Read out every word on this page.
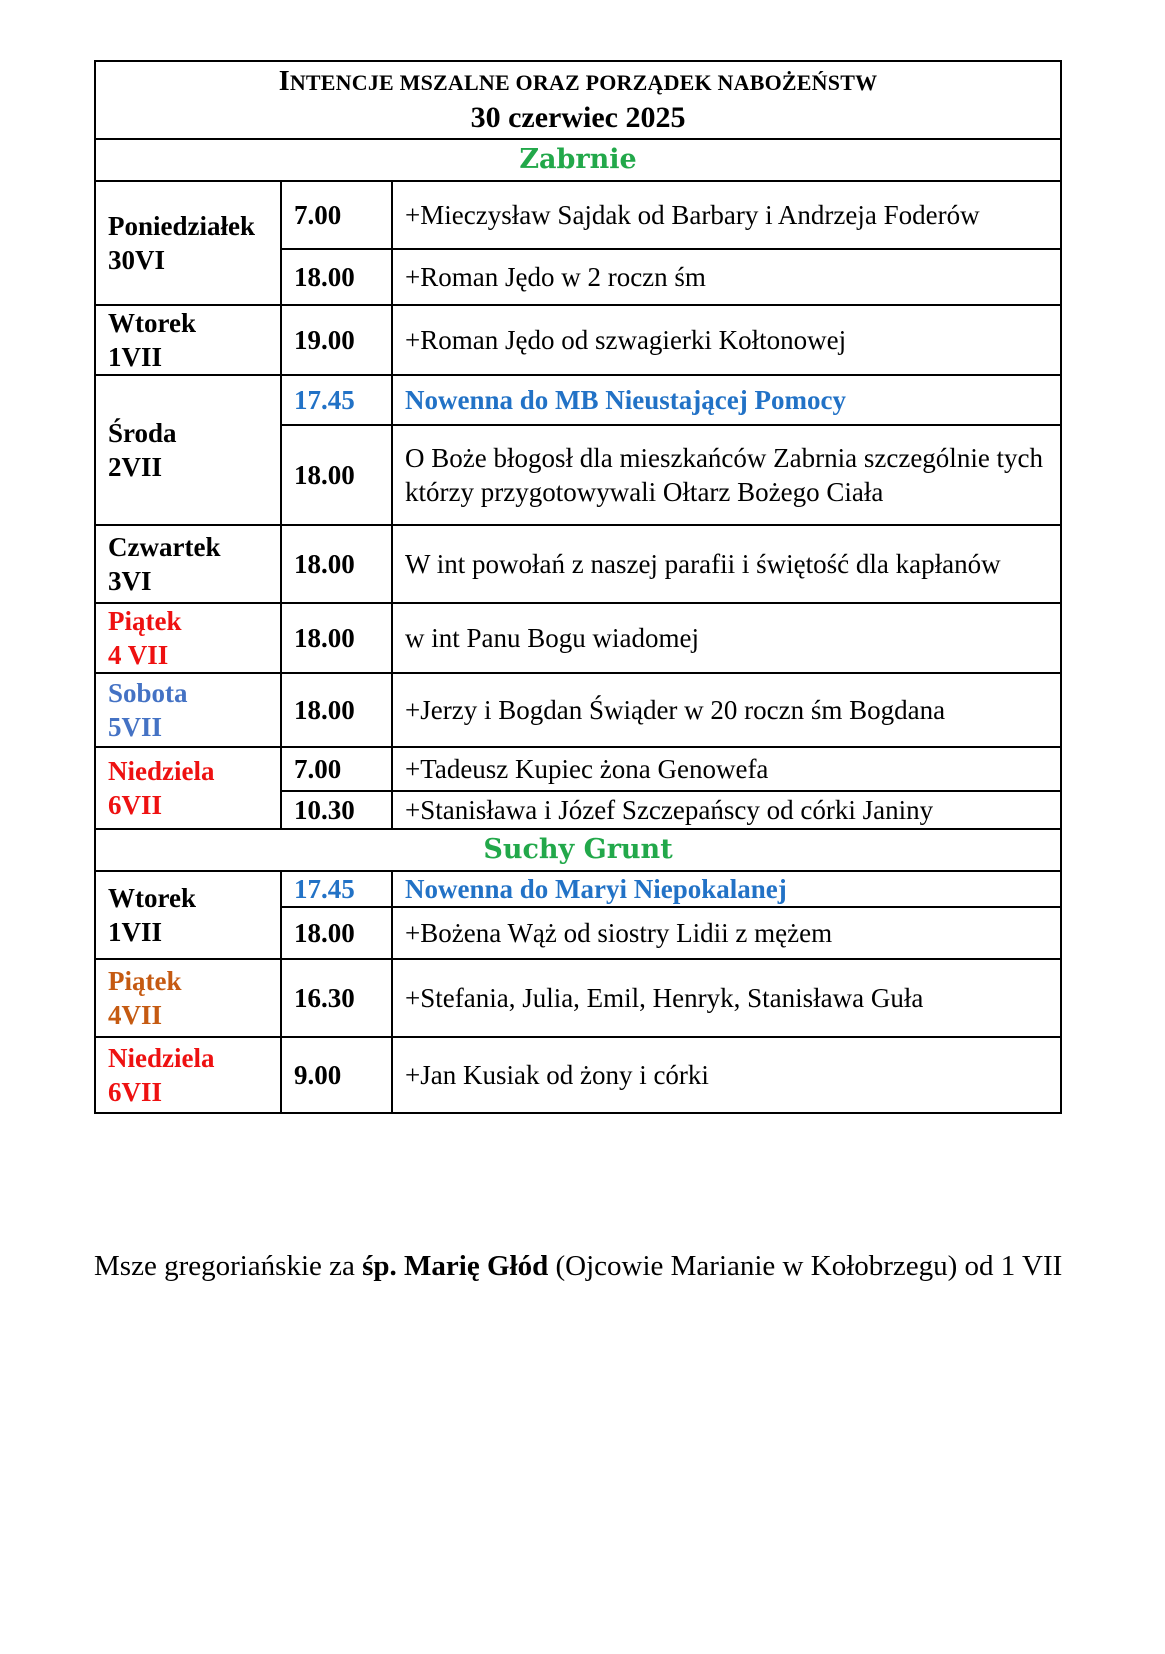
INTENCJE MSZALNE ORAZ PORZĄDEK NABOŻEŃSTW
30 czerwiec 2025		

Zabrnie		

Poniedziałek
30VI	7.00	+Mieczysław Sajdak od Barbary i Andrzeja Foderów
	18.00	+Roman Jędo w 2 roczn śm

Wtorek
1VII	19.00	+Roman Jędo od szwagierki Kołtonowej

Środa
2VII	17.45	Nowenna do MB Nieustającej Pomocy
	18.00	O Boże błogosł dla mieszkańców Zabrnia szczególnie tych którzy przygotowywali Ołtarz Bożego Ciała

Czwartek
3VI	18.00	W int powołań z naszej parafii i świętość dla kapłanów

Piątek
4 VII	18.00	w int Panu Bogu wiadomej

Sobota
5VII	18.00	+Jerzy i Bogdan Świąder w 20 roczn śm Bogdana

Niedziela
6VII	7.00	+Tadeusz Kupiec żona Genowefa
	10.30	+Stanisława i Józef Szczepańscy od córki Janiny
Suchy Grunt		

Wtorek
1VII	17.45	Nowenna do Maryi Niepokalanej
	18.00	+Bożena Wąż od siostry Lidii z mężem

Piątek
4VII	16.30	+Stefania, Julia, Emil, Henryk, Stanisława Guła

Niedziela
6VII	9.00	+Jan Kusiak od żony i córki
Msze gregoriańskie za śp. Marię Głód (Ojcowie Marianie w Kołobrzegu) od 1 VII
